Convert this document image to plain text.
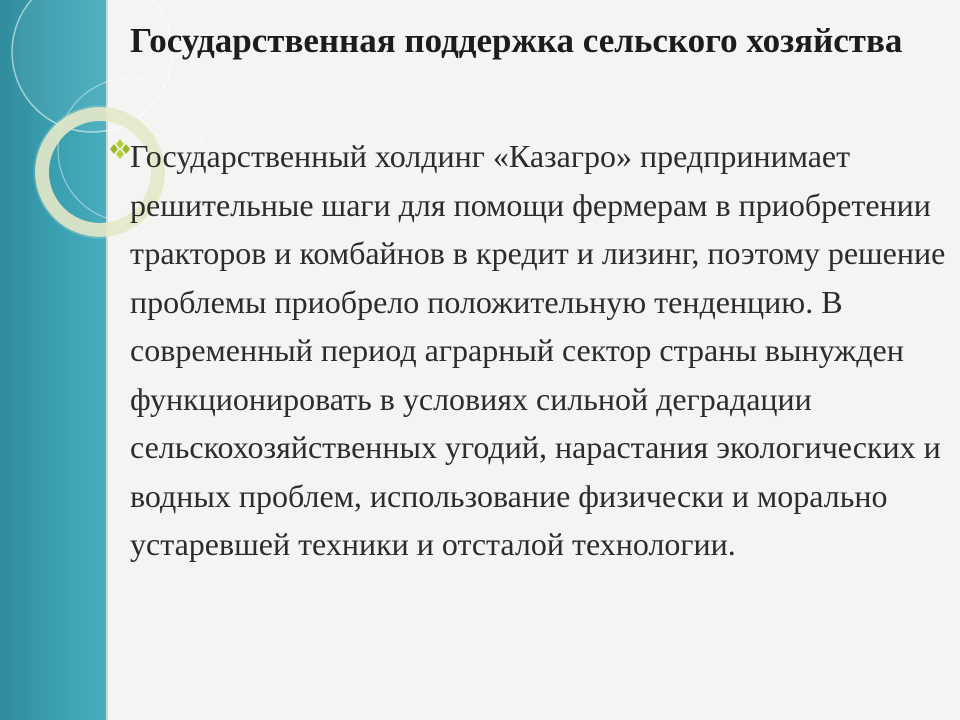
Государственная поддержка сельского хозяйства

Государственный холдинг «Казагро» предпринимает решительные шаги для помощи фермерам в приобретении тракторов и комбайнов в кредит и лизинг, поэтому решение проблемы приобрело положительную тенденцию. В современный период аграрный сектор страны вынужден функционировать в условиях сильной деградации сельскохозяйственных угодий, нарастания экологических и водных проблем, использование физически и морально устаревшей техники и отсталой технологии.
